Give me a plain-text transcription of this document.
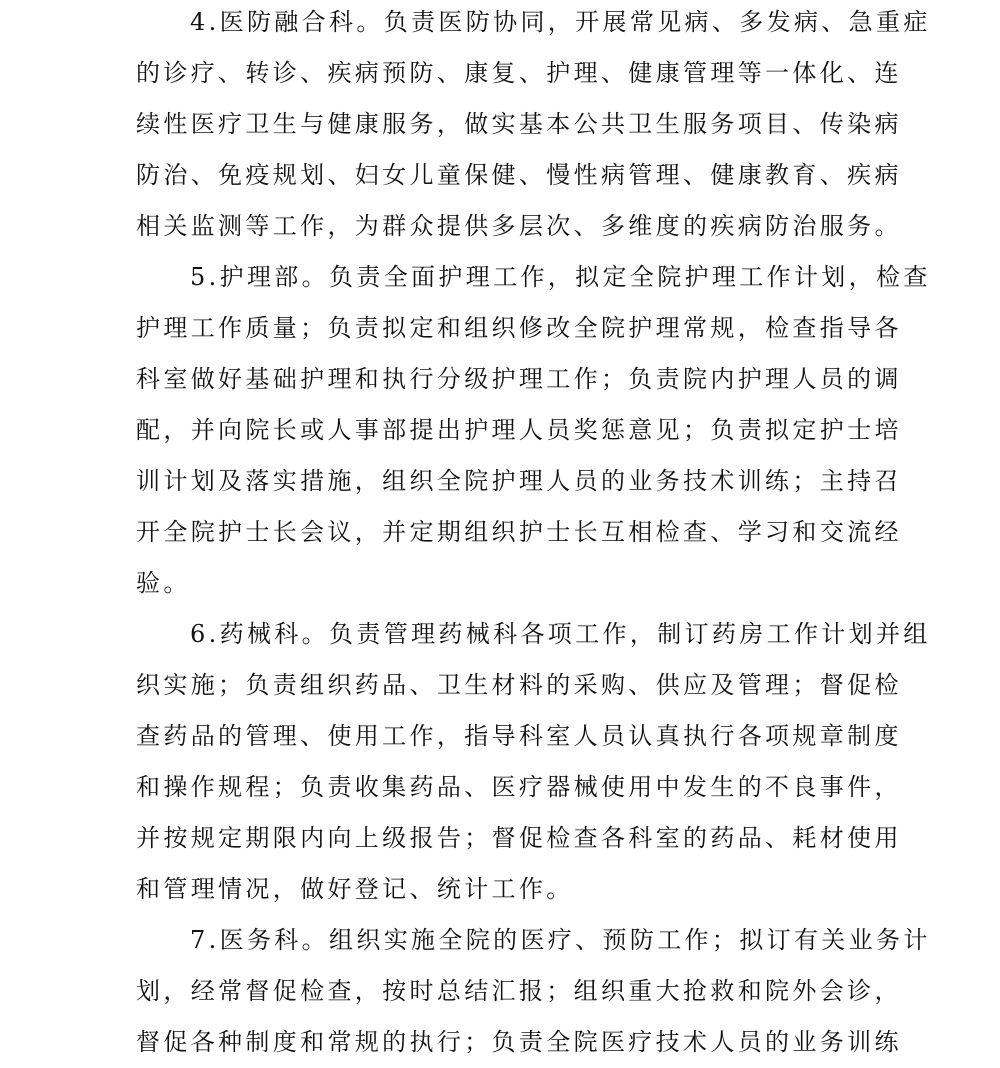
4.医防融合科。负责医防协同，开展常见病、多发病、急重症
的诊疗、转诊、疾病预防、康复、护理、健康管理等一体化、连
续性医疗卫生与健康服务，做实基本公共卫生服务项目、传染病
防治、免疫规划、妇女儿童保健、慢性病管理、健康教育、疾病
相关监测等工作，为群众提供多层次、多维度的疾病防治服务。
5.护理部。负责全面护理工作，拟定全院护理工作计划，检查
护理工作质量；负责拟定和组织修改全院护理常规，检查指导各
科室做好基础护理和执行分级护理工作；负责院内护理人员的调
配，并向院长或人事部提出护理人员奖惩意见；负责拟定护士培
训计划及落实措施，组织全院护理人员的业务技术训练；主持召
开全院护士长会议，并定期组织护士长互相检查、学习和交流经
验。
6.药械科。负责管理药械科各项工作，制订药房工作计划并组
织实施；负责组织药品、卫生材料的采购、供应及管理；督促检
查药品的管理、使用工作，指导科室人员认真执行各项规章制度
和操作规程；负责收集药品、医疗器械使用中发生的不良事件，
并按规定期限内向上级报告；督促检查各科室的药品、耗材使用
和管理情况，做好登记、统计工作。
7.医务科。组织实施全院的医疗、预防工作；拟订有关业务计
划，经常督促检查，按时总结汇报；组织重大抢救和院外会诊，
督促各种制度和常规的执行；负责全院医疗技术人员的业务训练
